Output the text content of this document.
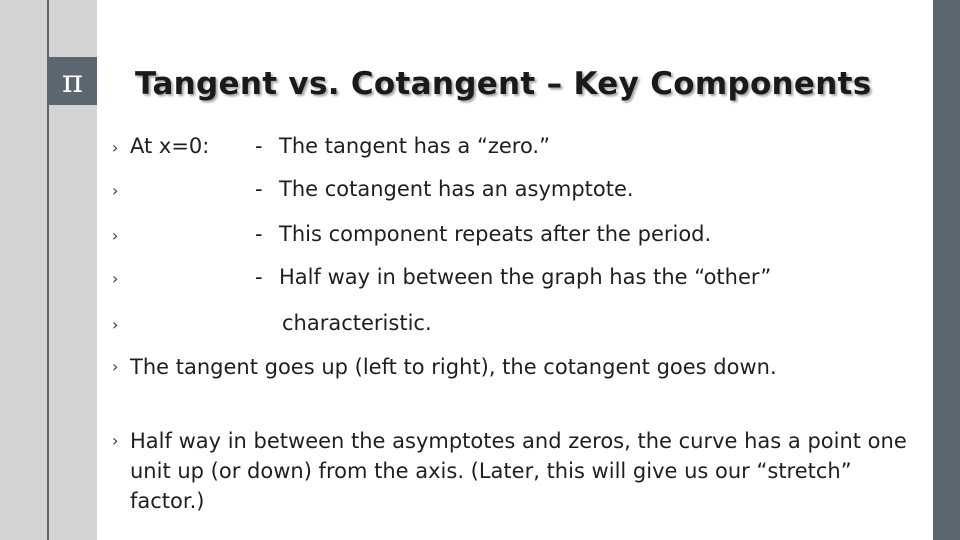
π Tangent vs. Cotangent – Key Components
› At x=0: - The tangent has a “zero.”
›	- The cotangent has an asymptote.
›	- This component repeats after the period.
›	- Half way in between the graph has the “other”
›	characteristic.
› The tangent goes up (left to right), the cotangent goes down.
› Half way in between the asymptotes and zeros, the curve has a point one unit up (or down) from the axis. (Later, this will give us our “stretch” factor.)
